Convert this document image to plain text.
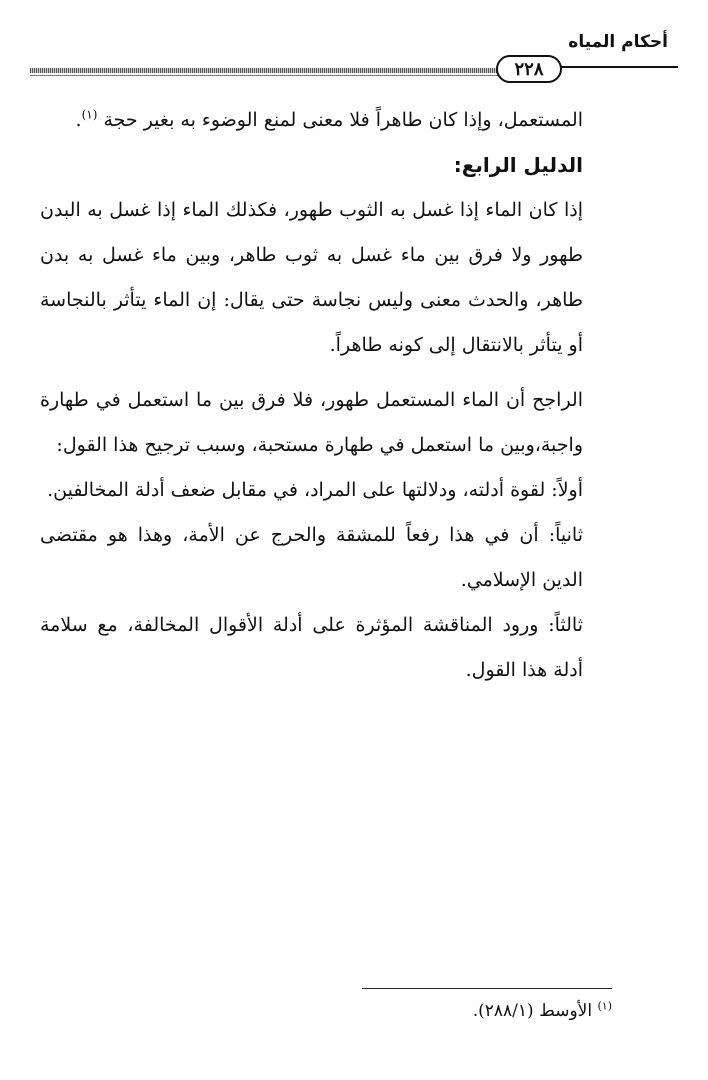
أحكام المياه
٢٢٨

المستعمل، وإذا كان طاهراً فلا معنى لمنع الوضوء به بغير حجة $^{(١)}$.

الدليل الرابع:

إذا كان الماء إذا غسل به الثوب طهور، فكذلك الماء إذا غسل به البدن طهور ولا فرق بين ماء غسل به ثوب طاهر، وبين ماء غسل به بدن طاهر، والحدث معنى وليس نجاسة حتى يقال: إن الماء يتأثر بالنجاسة أو يتأثر بالانتقال إلى كونه طاهراً.

الراجح أن الماء المستعمل طهور، فلا فرق بين ما استعمل في طهارة واجبة،وبين ما استعمل في طهارة مستحبة، وسبب ترجيح هذا القول:

أولاً: لقوة أدلته، ودلالتها على المراد، في مقابل ضعف أدلة المخالفين.

ثانياً: أن في هذا رفعاً للمشقة والحرج عن الأمة، وهذا هو مقتضى الدين الإسلامي.

ثالثاً: ورود المناقشة المؤثرة على أدلة الأقوال المخالفة، مع سلامة أدلة هذا القول.

$^{(١)}$ الأوسط (٢٨٨/١).
